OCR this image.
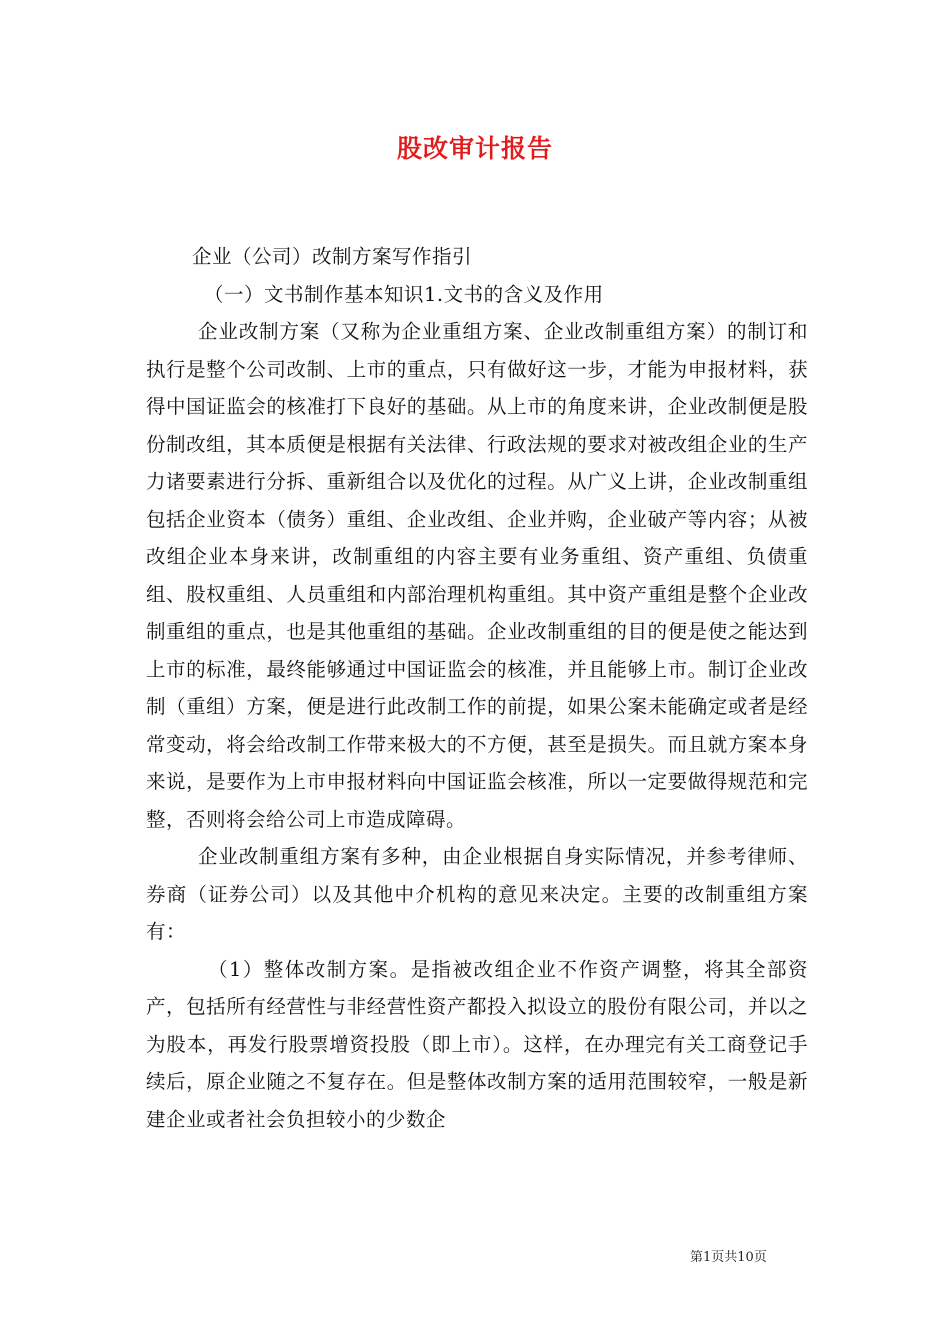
股改审计报告

企业（公司）改制方案写作指引

（一）文书制作基本知识1.文书的含义及作用

企业改制方案（又称为企业重组方案、企业改制重组方案）的制订和执行是整个公司改制、上市的重点，只有做好这一步，才能为申报材料，获得中国证监会的核准打下良好的基础。从上市的角度来讲，企业改制便是股份制改组，其本质便是根据有关法律、行政法规的要求对被改组企业的生产力诸要素进行分拆、重新组合以及优化的过程。从广义上讲，企业改制重组包括企业资本（债务）重组、企业改组、企业并购，企业破产等内容；从被改组企业本身来讲，改制重组的内容主要有业务重组、资产重组、负债重组、股权重组、人员重组和内部治理机构重组。其中资产重组是整个企业改制重组的重点，也是其他重组的基础。企业改制重组的目的便是使之能达到上市的标准，最终能够通过中国证监会的核准，并且能够上市。制订企业改制（重组）方案，便是进行此改制工作的前提，如果公案未能确定或者是经常变动，将会给改制工作带来极大的不方便，甚至是损失。而且就方案本身来说，是要作为上市申报材料向中国证监会核准，所以一定要做得规范和完整，否则将会给公司上市造成障碍。

企业改制重组方案有多种，由企业根据自身实际情况，并参考律师、券商（证券公司）以及其他中介机构的意见来决定。主要的改制重组方案有：

（1）整体改制方案。是指被改组企业不作资产调整，将其全部资产，包括所有经营性与非经营性资产都投入拟设立的股份有限公司，并以之为股本，再发行股票增资投股（即上市）。这样，在办理完有关工商登记手续后，原企业随之不复存在。但是整体改制方案的适用范围较窄，一般是新建企业或者社会负担较小的少数企

第1页共10页
